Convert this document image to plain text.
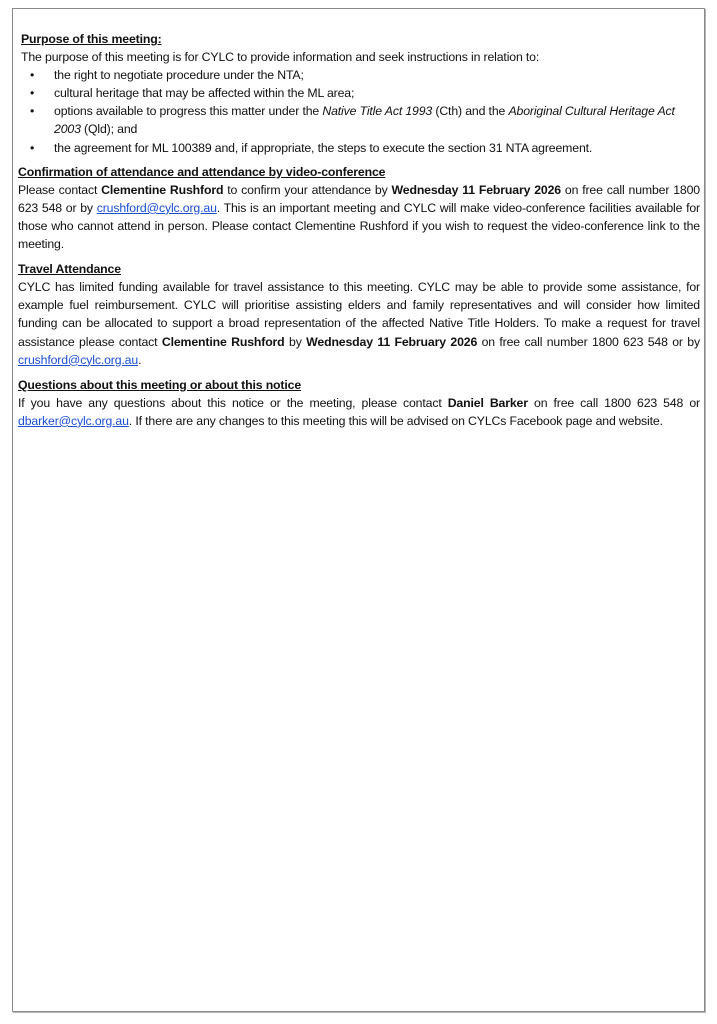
Purpose of this meeting:

The purpose of this meeting is for CYLC to provide information and seek instructions in relation to:

• the right to negotiate procedure under the NTA;
• cultural heritage that may be affected within the ML area;
• options available to progress this matter under the Native Title Act 1993 (Cth) and the Aboriginal Cultural Heritage Act 2003 (Qld); and
• the agreement for ML 100389 and, if appropriate, the steps to execute the section 31 NTA agreement.

Confirmation of attendance and attendance by video-conference

Please contact Clementine Rushford to confirm your attendance by Wednesday 11 February 2026 on free call number 1800 623 548 or by crushford@cylc.org.au. This is an important meeting and CYLC will make video-conference facilities available for those who cannot attend in person. Please contact Clementine Rushford if you wish to request the video-conference link to the meeting.

Travel Attendance

CYLC has limited funding available for travel assistance to this meeting. CYLC may be able to provide some assistance, for example fuel reimbursement. CYLC will prioritise assisting elders and family representatives and will consider how limited funding can be allocated to support a broad representation of the affected Native Title Holders. To make a request for travel assistance please contact Clementine Rushford by Wednesday 11 February 2026 on free call number 1800 623 548 or by crushford@cylc.org.au.

Questions about this meeting or about this notice

If you have any questions about this notice or the meeting, please contact Daniel Barker on free call 1800 623 548 or dbarker@cylc.org.au. If there are any changes to this meeting this will be advised on CYLCs Facebook page and website.
